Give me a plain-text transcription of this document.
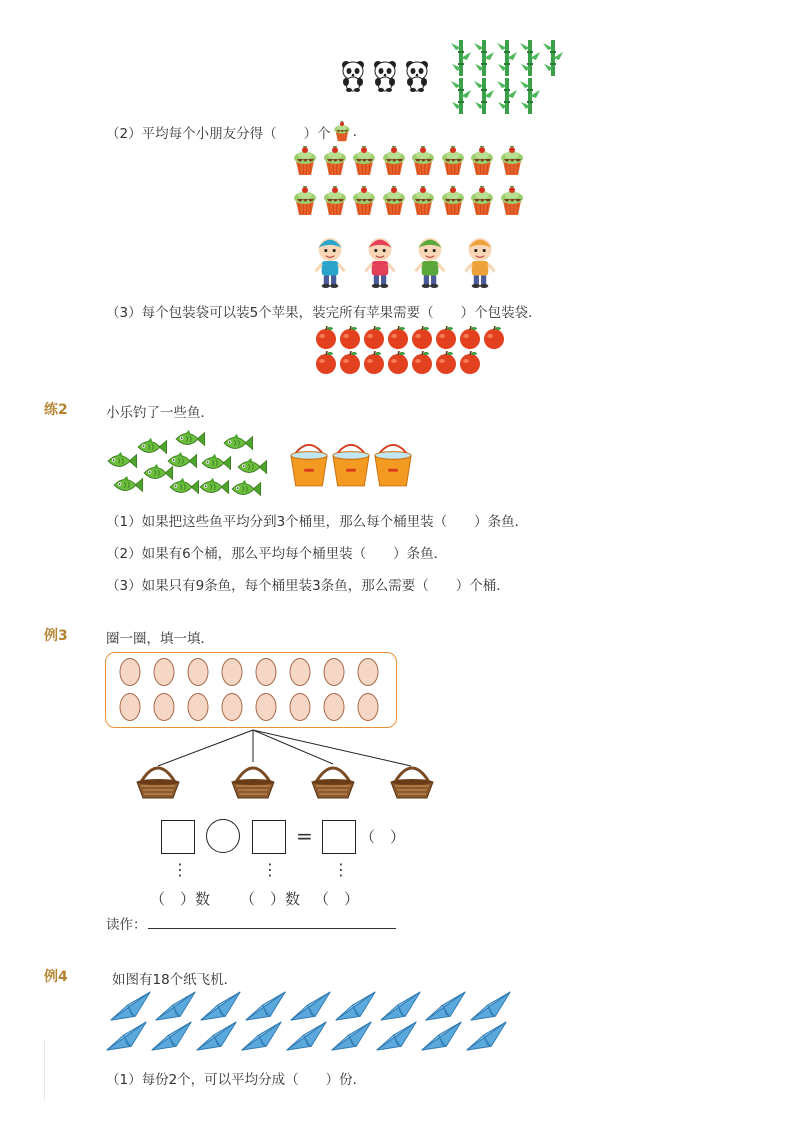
（2）平均每个小朋友分得（　　）个 .
（3）每个包装袋可以装5个苹果，装完所有苹果需要（　　）个包装袋．
练2	小乐钓了一些鱼．
（1）如果把这些鱼平均分到3个桶里，那么每个桶里装（　　）条鱼．
（2）如果有6个桶，那么平均每个桶里装（　　）条鱼．
（3）如果只有9条鱼，每个桶里装3条鱼，那么需要（　　）个桶．
例3	圈一圈，填一填．
=	（　）
⋮	⋮	⋮
（　）数 （　）数 （　）
读作：
例4	如图有18个纸飞机．
（1）每份2个，可以平均分成（　　）份．
